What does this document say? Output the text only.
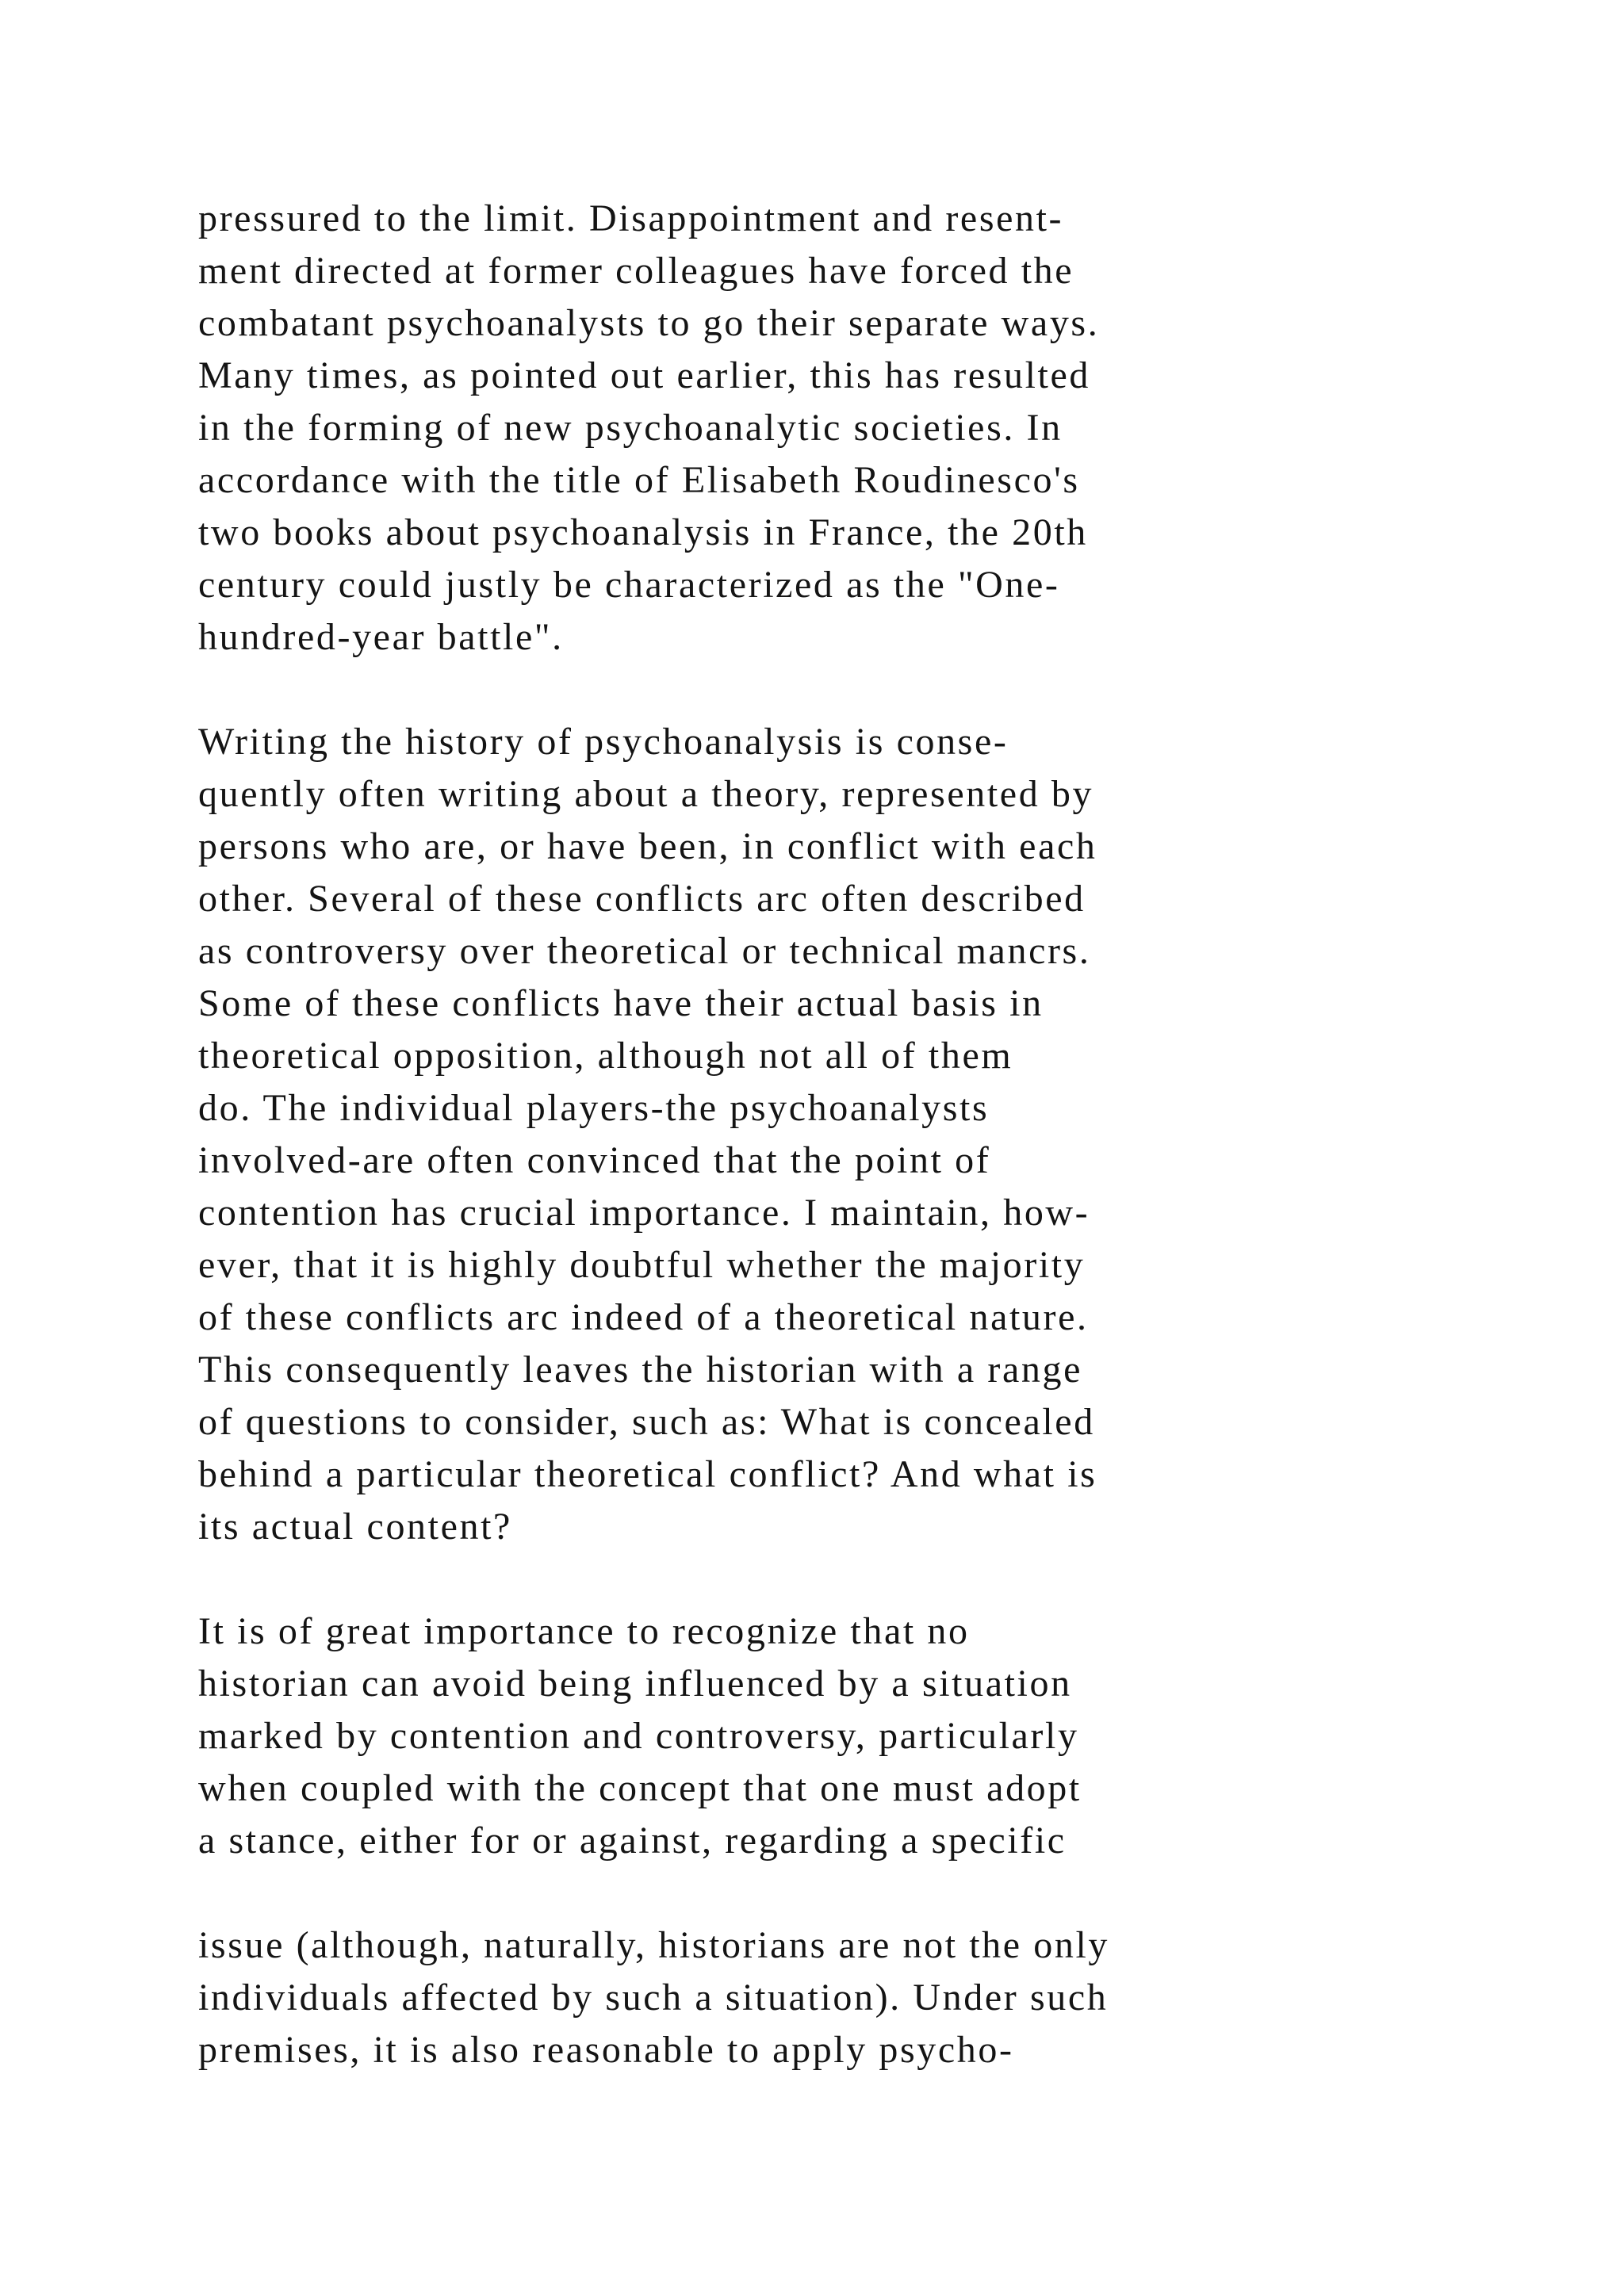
pressured to the limit. Disappointment and resent-
ment directed at former colleagues have forced the
combatant psychoanalysts to go their separate ways.
Many times, as pointed out earlier, this has resulted
in the forming of new psychoanalytic societies. In
accordance with the title of Elisabeth Roudinesco's
two books about psychoanalysis in France, the 20th
century could justly be characterized as the "One-
hundred-year battle".
Writing the history of psychoanalysis is conse-
quently often writing about a theory, represented by
persons who are, or have been, in conflict with each
other. Several of these conflicts arc often described
as controversy over theoretical or technical mancrs.
Some of these conflicts have their actual basis in
theoretical opposition, although not all of them
do. The individual players-the psychoanalysts
involved-are often convinced that the point of
contention has crucial importance. I maintain, how-
ever, that it is highly doubtful whether the majority
of these conflicts arc indeed of a theoretical nature.
This consequently leaves the historian with a range
of questions to consider, such as: What is concealed
behind a particular theoretical conflict? And what is
its actual content?
It is of great importance to recognize that no
historian can avoid being influenced by a situation
marked by contention and controversy, particularly
when coupled with the concept that one must adopt
a stance, either for or against, regarding a specific
issue (although, naturally, historians are not the only
individuals affected by such a situation). Under such
premises, it is also reasonable to apply psycho-
